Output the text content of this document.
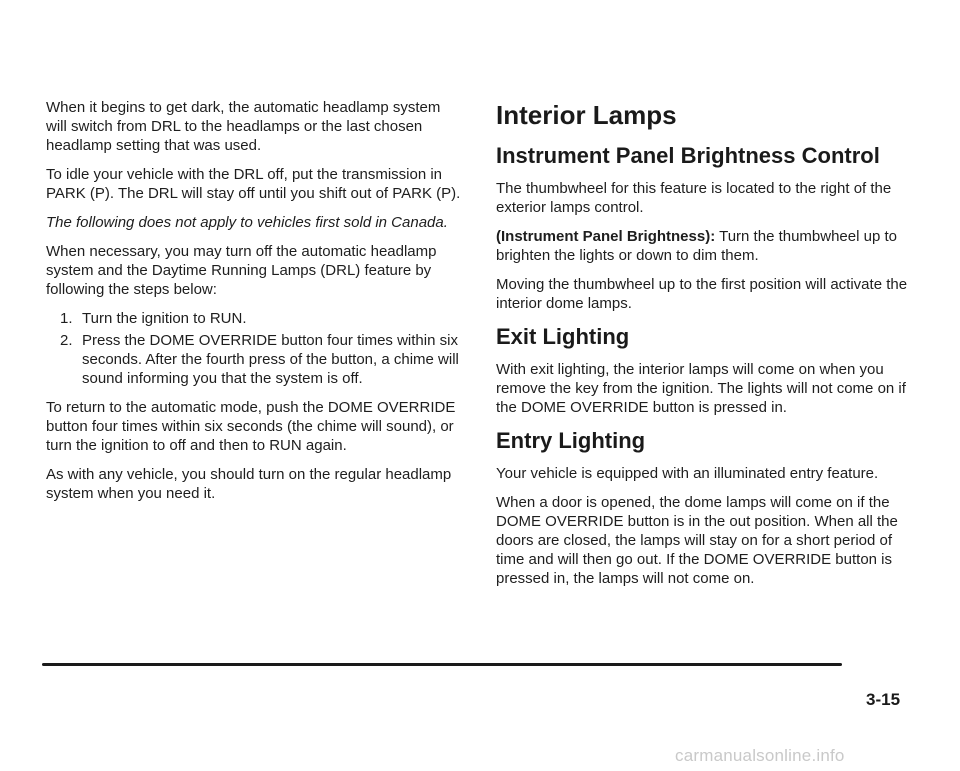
When it begins to get dark, the automatic headlamp system will switch from DRL to the headlamps or the last chosen headlamp setting that was used.

To idle your vehicle with the DRL off, put the transmission in PARK (P). The DRL will stay off until you shift out of PARK (P).

The following does not apply to vehicles first sold in Canada.

When necessary, you may turn off the automatic headlamp system and the Daytime Running Lamps (DRL) feature by following the steps below:

1. Turn the ignition to RUN.
2. Press the DOME OVERRIDE button four times within six seconds. After the fourth press of the button, a chime will sound informing you that the system is off.

To return to the automatic mode, push the DOME OVERRIDE button four times within six seconds (the chime will sound), or turn the ignition to off and then to RUN again.

As with any vehicle, you should turn on the regular headlamp system when you need it.

Interior Lamps
Instrument Panel Brightness Control

The thumbwheel for this feature is located to the right of the exterior lamps control.

(Instrument Panel Brightness): Turn the thumbwheel up to brighten the lights or down to dim them.

Moving the thumbwheel up to the first position will activate the interior dome lamps.

Exit Lighting

With exit lighting, the interior lamps will come on when you remove the key from the ignition. The lights will not come on if the DOME OVERRIDE button is pressed in.

Entry Lighting

Your vehicle is equipped with an illuminated entry feature.

When a door is opened, the dome lamps will come on if the DOME OVERRIDE button is in the out position. When all the doors are closed, the lamps will stay on for a short period of time and will then go out. If the DOME OVERRIDE button is pressed in, the lamps will not come on.

3-15
carmanualsonline.info
